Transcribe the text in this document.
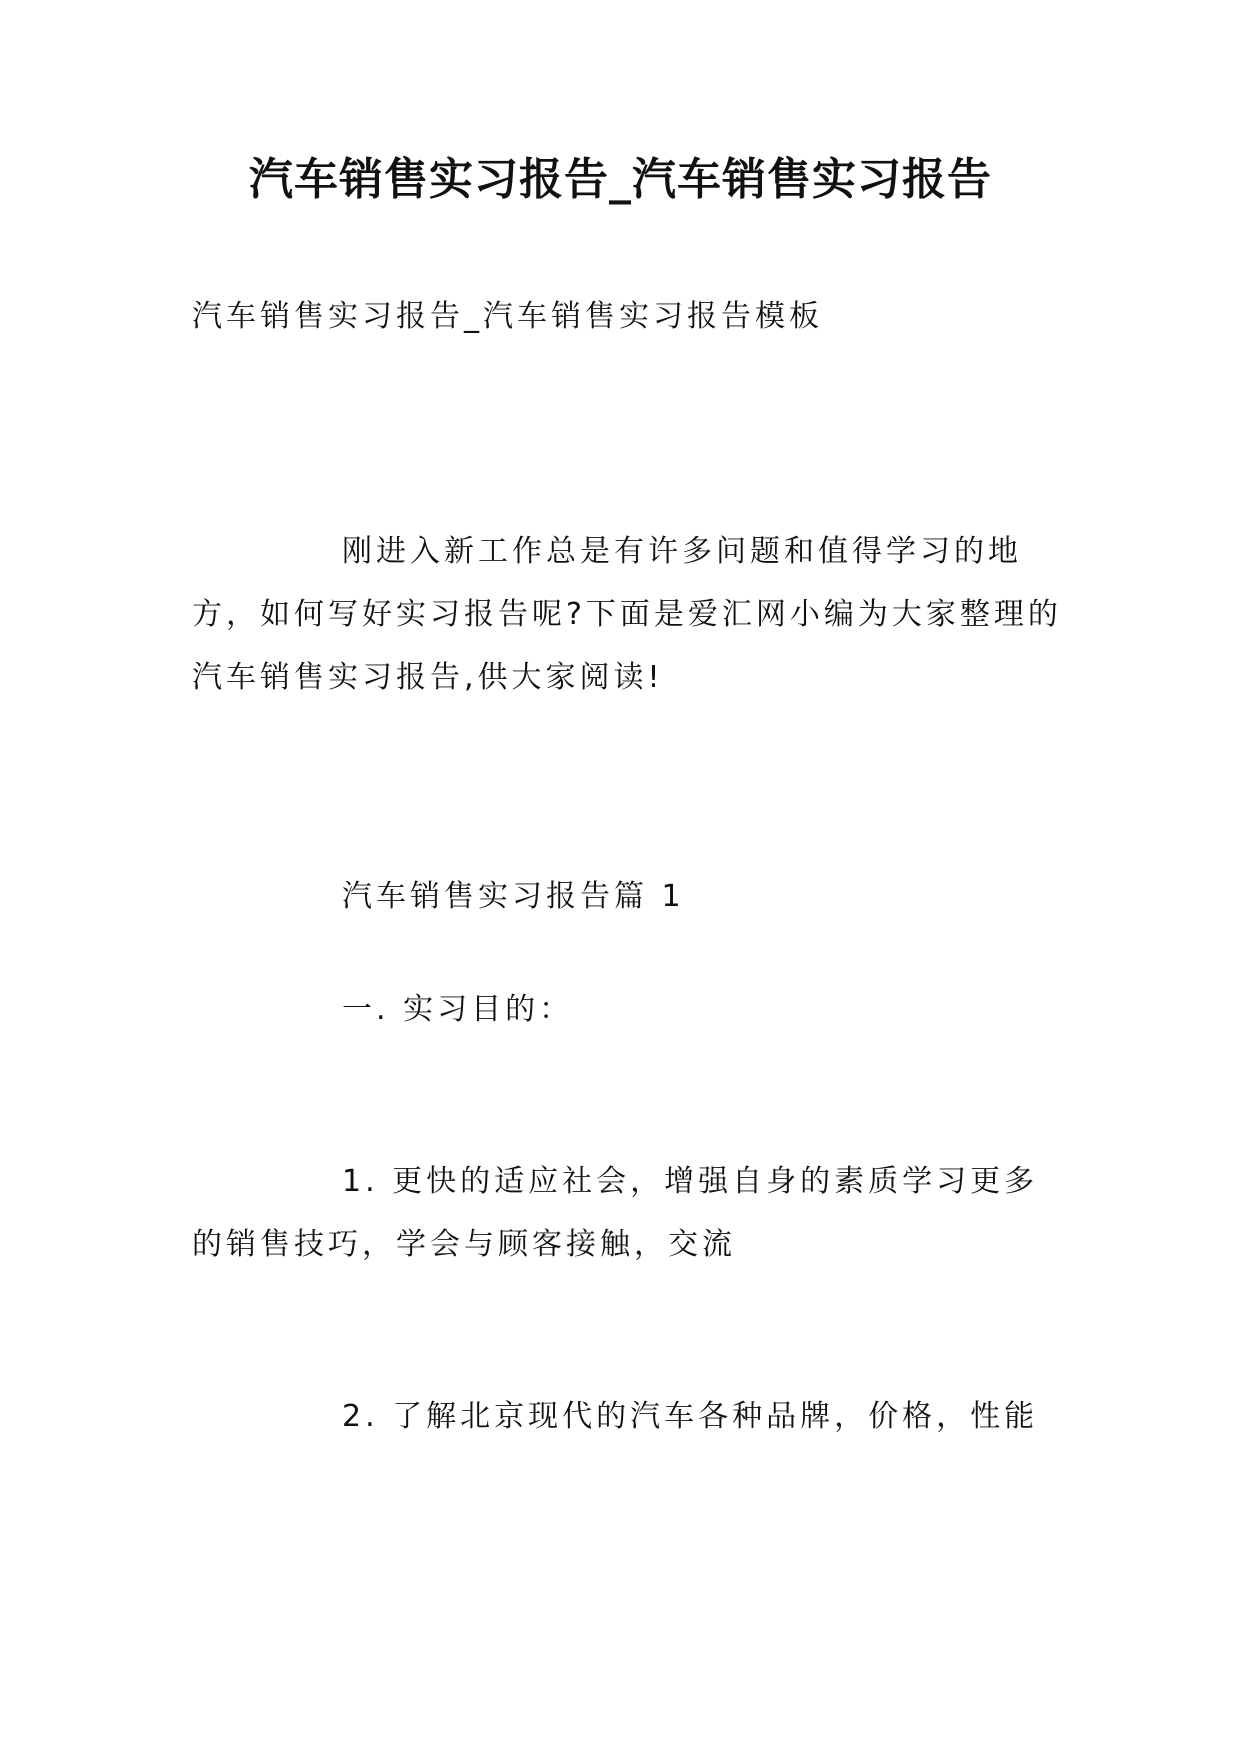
汽车销售实习报告_汽车销售实习报告

汽车销售实习报告_汽车销售实习报告模板

刚进入新工作总是有许多问题和值得学习的地方，如何写好实习报告呢?下面是爱汇网小编为大家整理的汽车销售实习报告,供大家阅读!

汽车销售实习报告篇 1

一. 实习目的：

1. 更快的适应社会，增强自身的素质学习更多的销售技巧，学会与顾客接触，交流

2. 了解北京现代的汽车各种品牌，价格，性能
